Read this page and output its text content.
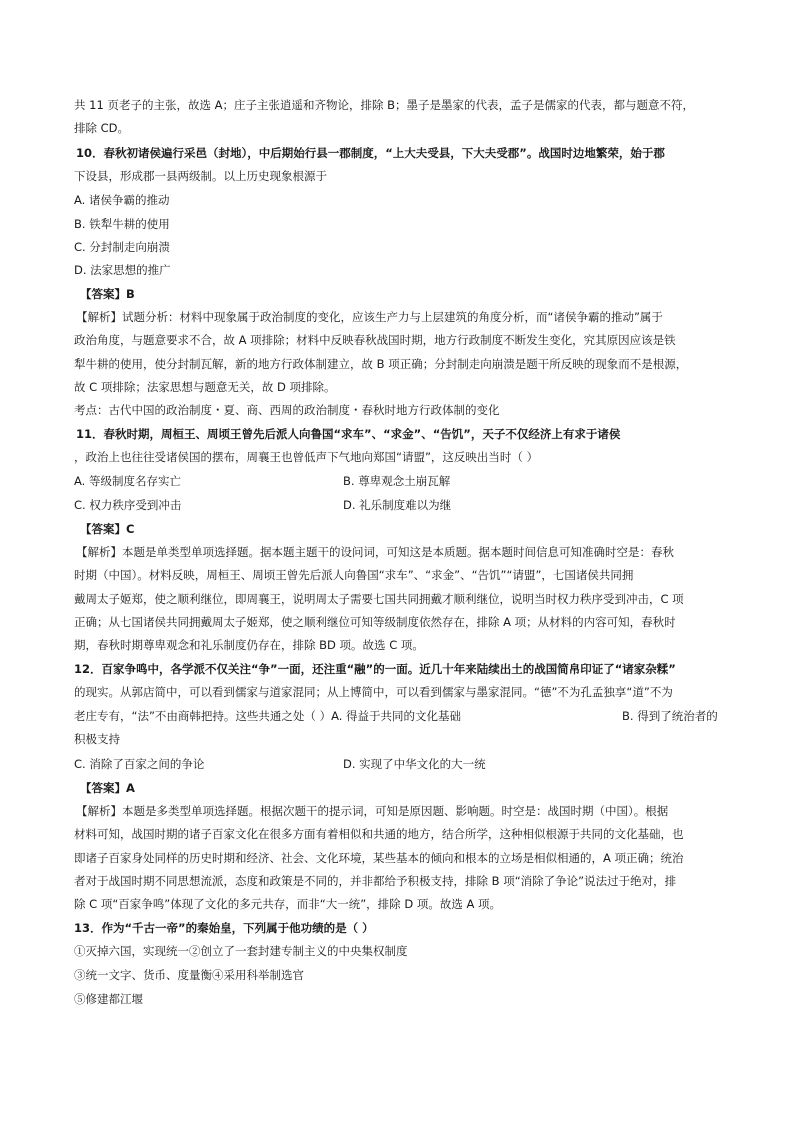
共 11 页老子的主张，故选 A；庄子主张逍遥和齐物论，排除 B；墨子是墨家的代表，孟子是儒家的代表，都与题意不符，
排除 CD。
10．春秋初诸侯遍行采邑（封地），中后期始行县一郡制度，“上大夫受县，下大夫受郡”。战国时边地繁荣，始于郡
下设县，形成郡一县两级制。以上历史现象根源于
A. 诸侯争霸的推动
B. 铁犁牛耕的使用
C. 分封制走向崩溃
D. 法家思想的推广
【答案】B
【解析】试题分析：材料中现象属于政治制度的变化，应该生产力与上层建筑的角度分析，而“诸侯争霸的推动”属于
政治角度，与题意要求不合，故 A 项排除；材料中反映春秋战国时期，地方行政制度不断发生变化，究其原因应该是铁
犁牛耕的使用，使分封制瓦解，新的地方行政体制建立，故 B 项正确；分封制走向崩溃是题干所反映的现象而不是根源，
故 C 项排除；法家思想与题意无关，故 D 项排除。
考点：古代中国的政治制度・夏、商、西周的政治制度・春秋时地方行政体制的变化
11．春秋时期，周桓王、周顷王曾先后派人向鲁国“求车”、“求金”、“告饥”，天子不仅经济上有求于诸侯
，政治上也往往受诸侯国的摆布，周襄王也曾低声下气地向郑国“请盟”，这反映出当时（ ）
A. 等级制度名存实亡	B. 尊卑观念土崩瓦解
C. 权力秩序受到冲击	D. 礼乐制度难以为继
【答案】C
【解析】本题是单类型单项选择题。据本题主题干的设问词，可知这是本质题。据本题时间信息可知准确时空是：春秋
时期（中国）。材料反映，周桓王、周顷王曾先后派人向鲁国“求车”、“求金”、“告饥”“请盟”，七国诸侯共同拥
戴周太子姬郑，使之顺利继位，即周襄王，说明周太子需要七国共同拥戴才顺利继位，说明当时权力秩序受到冲击，C 项
正确；从七国诸侯共同拥戴周太子姬郑，使之顺利继位可知等级制度依然存在，排除 A 项；从材料的内容可知，春秋时
期，春秋时期尊卑观念和礼乐制度仍存在，排除 BD 项。故选 C 项。
12．百家争鸣中，各学派不仅关注“争”一面，还注重“融”的一面。近几十年来陆续出土的战国简帛印证了“诸家杂糅”
的现实。从郭店简中，可以看到儒家与道家混同；从上博简中，可以看到儒家与墨家混同。“德”不为孔孟独享“道”不为
老庄专有，“法”不由商韩把持。这些共通之处（ ）A. 得益于共同的文化基础	B. 得到了统治者的
积极支持
C. 消除了百家之间的争论	D. 实现了中华文化的大一统
【答案】A
【解析】本题是多类型单项选择题。根据次题干的提示词，可知是原因题、影响题。时空是：战国时期（中国）。根据
材料可知，战国时期的诸子百家文化在很多方面有着相似和共通的地方，结合所学，这种相似根源于共同的文化基础，也
即诸子百家身处同样的历史时期和经济、社会、文化环境，某些基本的倾向和根本的立场是相似相通的，A 项正确；统治
者对于战国时期不同思想流派，态度和政策是不同的，并非都给予积极支持，排除 B 项“消除了争论”说法过于绝对，排
除 C 项“百家争鸣”体现了文化的多元共存，而非“大一统”，排除 D 项。故选 A 项。
13．作为“千古一帝”的秦始皇，下列属于他功绩的是（ ）
①灭掉六国，实现统一②创立了一套封建专制主义的中央集权制度
③统一文字、货币、度量衡④采用科举制选官
⑤修建都江堰
